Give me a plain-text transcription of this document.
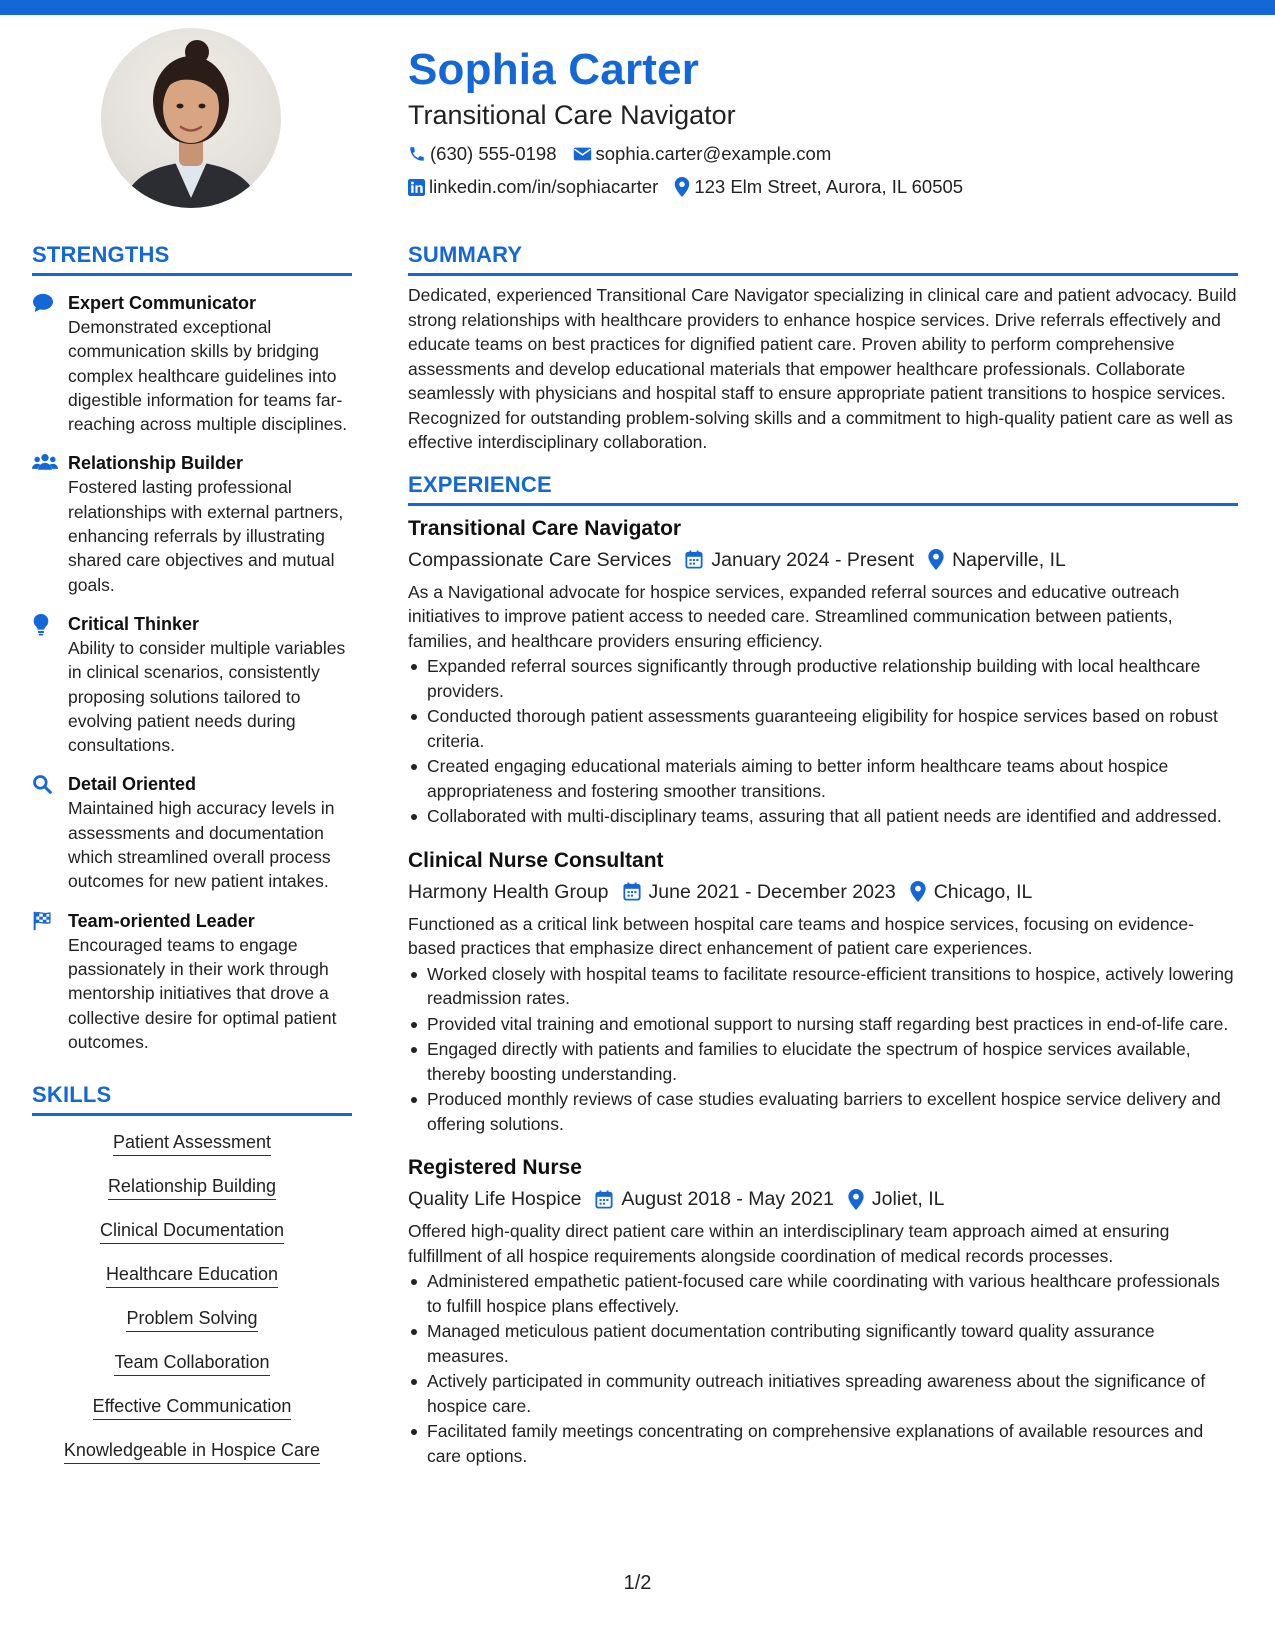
Sophia Carter
Transitional Care Navigator
(630) 555-0198 sophia.carter@example.com
linkedin.com/in/sophiacarter 123 Elm Street, Aurora, IL 60505
STRENGTHS
Expert Communicator
Demonstrated exceptional communication skills by bridging complex healthcare guidelines into digestible information for teams far-reaching across multiple disciplines.
Relationship Builder
Fostered lasting professional relationships with external partners, enhancing referrals by illustrating shared care objectives and mutual goals.
Critical Thinker
Ability to consider multiple variables in clinical scenarios, consistently proposing solutions tailored to evolving patient needs during consultations.
Detail Oriented
Maintained high accuracy levels in assessments and documentation which streamlined overall process outcomes for new patient intakes.
Team-oriented Leader
Encouraged teams to engage passionately in their work through mentorship initiatives that drove a collective desire for optimal patient outcomes.
SKILLS
Patient Assessment
Relationship Building
Clinical Documentation
Healthcare Education
Problem Solving
Team Collaboration
Effective Communication
Knowledgeable in Hospice Care
SUMMARY
Dedicated, experienced Transitional Care Navigator specializing in clinical care and patient advocacy. Build strong relationships with healthcare providers to enhance hospice services. Drive referrals effectively and educate teams on best practices for dignified patient care. Proven ability to perform comprehensive assessments and develop educational materials that empower healthcare professionals. Collaborate seamlessly with physicians and hospital staff to ensure appropriate patient transitions to hospice services. Recognized for outstanding problem-solving skills and a commitment to high-quality patient care as well as effective interdisciplinary collaboration.
EXPERIENCE
Transitional Care Navigator
Compassionate Care Services January 2024 - Present Naperville, IL
As a Navigational advocate for hospice services, expanded referral sources and educative outreach initiatives to improve patient access to needed care. Streamlined communication between patients, families, and healthcare providers ensuring efficiency.
Expanded referral sources significantly through productive relationship building with local healthcare providers.
Conducted thorough patient assessments guaranteeing eligibility for hospice services based on robust criteria.
Created engaging educational materials aiming to better inform healthcare teams about hospice appropriateness and fostering smoother transitions.
Collaborated with multi-disciplinary teams, assuring that all patient needs are identified and addressed.
Clinical Nurse Consultant
Harmony Health Group June 2021 - December 2023 Chicago, IL
Functioned as a critical link between hospital care teams and hospice services, focusing on evidence-based practices that emphasize direct enhancement of patient care experiences.
Worked closely with hospital teams to facilitate resource-efficient transitions to hospice, actively lowering readmission rates.
Provided vital training and emotional support to nursing staff regarding best practices in end-of-life care.
Engaged directly with patients and families to elucidate the spectrum of hospice services available, thereby boosting understanding.
Produced monthly reviews of case studies evaluating barriers to excellent hospice service delivery and offering solutions.
Registered Nurse
Quality Life Hospice August 2018 - May 2021 Joliet, IL
Offered high-quality direct patient care within an interdisciplinary team approach aimed at ensuring fulfillment of all hospice requirements alongside coordination of medical records processes.
Administered empathetic patient-focused care while coordinating with various healthcare professionals to fulfill hospice plans effectively.
Managed meticulous patient documentation contributing significantly toward quality assurance measures.
Actively participated in community outreach initiatives spreading awareness about the significance of hospice care.
Facilitated family meetings concentrating on comprehensive explanations of available resources and care options.
1/2
